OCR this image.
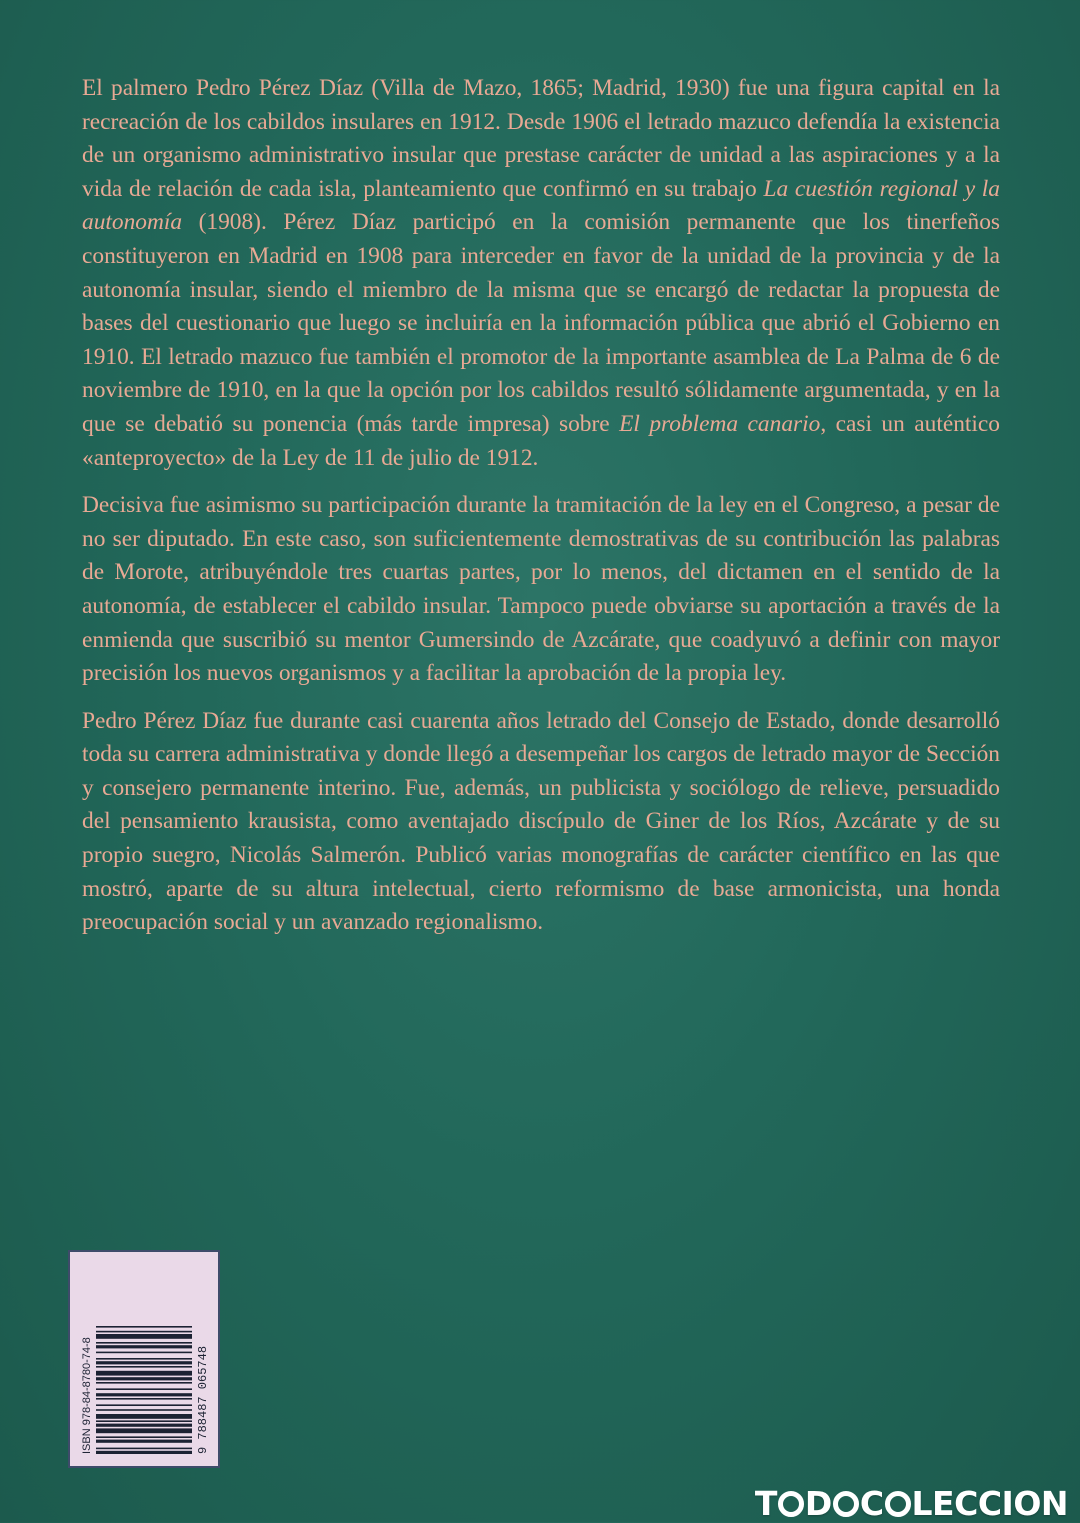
El palmero Pedro Pérez Díaz (Villa de Mazo, 1865; Madrid, 1930) fue una figura capital en la recreación de los cabildos insulares en 1912. Desde 1906 el letrado mazuco defendía la existencia de un organismo administrativo insular que prestase carácter de unidad a las aspiraciones y a la vida de relación de cada isla, planteamiento que confirmó en su trabajo La cuestión regional y la autonomía (1908). Pérez Díaz participó en la comisión permanente que los tinerfeños constituyeron en Madrid en 1908 para interceder en favor de la unidad de la provincia y de la autonomía insular, siendo el miembro de la misma que se encargó de redactar la propuesta de bases del cuestionario que luego se incluiría en la información pública que abrió el Gobierno en 1910. El letrado mazuco fue también el promotor de la importante asamblea de La Palma de 6 de noviembre de 1910, en la que la opción por los cabildos resultó sólidamente argumentada, y en la que se debatió su ponencia (más tarde impresa) sobre El problema canario, casi un auténtico «anteproyecto» de la Ley de 11 de julio de 1912.

Decisiva fue asimismo su participación durante la tramitación de la ley en el Congreso, a pesar de no ser diputado. En este caso, son suficientemente demostrativas de su contribución las palabras de Morote, atribuyéndole tres cuartas partes, por lo menos, del dictamen en el sentido de la autonomía, de establecer el cabildo insular. Tampoco puede obviarse su aportación a través de la enmienda que suscribió su mentor Gumersindo de Azcárate, que coadyuvó a definir con mayor precisión los nuevos organismos y a facilitar la aprobación de la propia ley.

Pedro Pérez Díaz fue durante casi cuarenta años letrado del Consejo de Estado, donde desarrolló toda su carrera administrativa y donde llegó a desempeñar los cargos de letrado mayor de Sección y consejero permanente interino. Fue, además, un publicista y sociólogo de relieve, persuadido del pensamiento krausista, como aventajado discípulo de Giner de los Ríos, Azcárate y de su propio suegro, Nicolás Salmerón. Publicó varias monografías de carácter científico en las que mostró, aparte de su altura intelectual, cierto reformismo de base armonicista, una honda preocupación social y un avanzado regionalismo.

ISBN 978-84-8780-74-8	9 788487 065748
T D C LECCION
